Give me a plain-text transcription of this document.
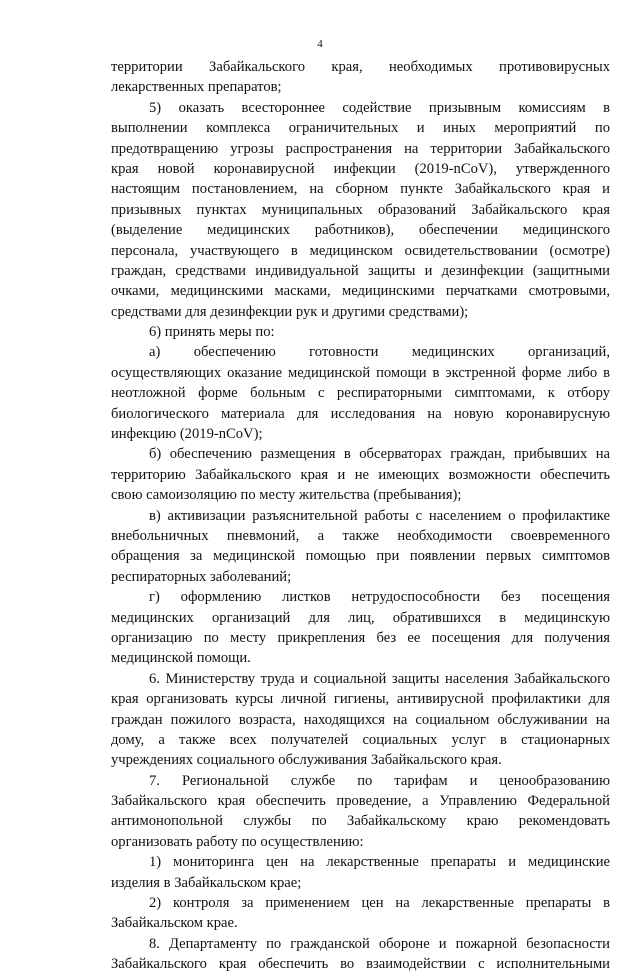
4
территории Забайкальского края, необходимых противовирусных
лекарственных препаратов;
5) оказать всестороннее содействие призывным комиссиям в
выполнении комплекса ограничительных и иных мероприятий по
предотвращению угрозы распространения на территории Забайкальского
края новой коронавирусной инфекции (2019-nCoV), утвержденного
настоящим постановлением, на сборном пункте Забайкальского края и
призывных пунктах муниципальных образований Забайкальского края
(выделение медицинских работников), обеспечении медицинского
персонала, участвующего в медицинском освидетельствовании (осмотре)
граждан, средствами индивидуальной защиты и дезинфекции (защитными
очками, медицинскими масками, медицинскими перчатками смотровыми,
средствами для дезинфекции рук и другими средствами);
6) принять меры по:
а) обеспечению готовности медицинских организаций,
осуществляющих оказание медицинской помощи в экстренной форме либо в
неотложной форме больным с респираторными симптомами, к отбору
биологического материала для исследования на новую коронавирусную
инфекцию (2019-nCoV);
б) обеспечению размещения в обсерваторах граждан, прибывших на
территорию Забайкальского края и не имеющих возможности обеспечить
свою самоизоляцию по месту жительства (пребывания);
в) активизации разъяснительной работы с населением о профилактике
внебольничных пневмоний, а также необходимости своевременного
обращения за медицинской помощью при появлении первых симптомов
респираторных заболеваний;
г) оформлению листков нетрудоспособности без посещения
медицинских организаций для лиц, обратившихся в медицинскую
организацию по месту прикрепления без ее посещения для получения
медицинской помощи.
6. Министерству труда и социальной защиты населения Забайкальского
края организовать курсы личной гигиены, антивирусной профилактики для
граждан пожилого возраста, находящихся на социальном обслуживании на
дому, а также всех получателей социальных услуг в стационарных
учреждениях социального обслуживания Забайкальского края.
7. Региональной службе по тарифам и ценообразованию
Забайкальского края обеспечить проведение, а Управлению Федеральной
антимонопольной службы по Забайкальскому краю рекомендовать
организовать работу по осуществлению:
1) мониторинга цен на лекарственные препараты и медицинские
изделия в Забайкальском крае;
2) контроля за применением цен на лекарственные препараты в
Забайкальском крае.
8. Департаменту по гражданской обороне и пожарной безопасности
Забайкальского края обеспечить во взаимодействии с исполнительными
